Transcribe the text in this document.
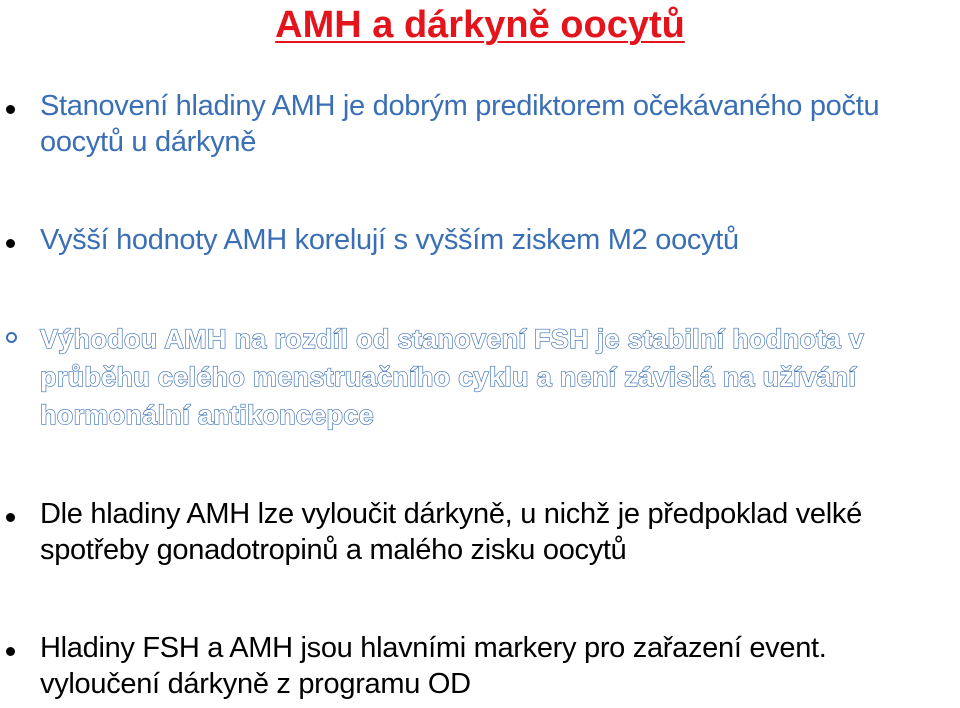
AMH a dárkyně oocytů

Stanovení hladiny AMH je dobrým prediktorem očekávaného počtu oocytů u dárkyně

Vyšší hodnoty AMH korelují s vyšším ziskem M2 oocytů

Výhodou AMH na rozdíl od stanovení FSH je stabilní hodnota v průběhu celého menstruačního cyklu a není závislá na užívání hormonální antikoncepce

Dle hladiny AMH lze vyloučit dárkyně, u nichž je předpoklad velké spotřeby gonadotropinů a malého zisku oocytů

Hladiny FSH a AMH jsou hlavními markery pro zařazení event. vyloučení dárkyně z programu OD
